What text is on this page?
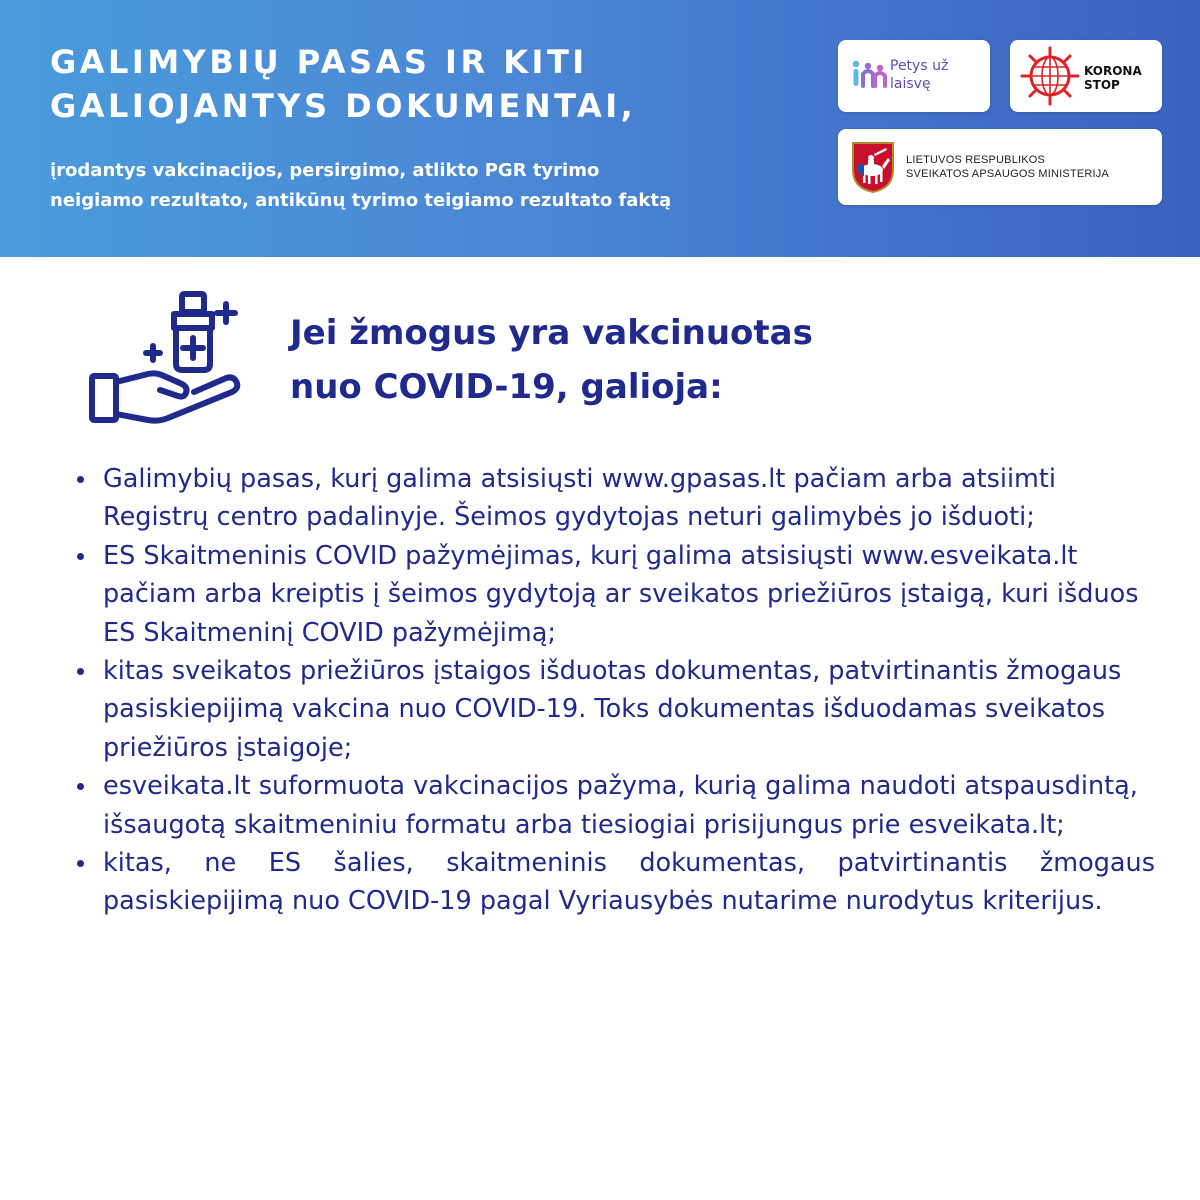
GALIMYBIŲ PASAS IR KITI
GALIOJANTYS DOKUMENTAI,
įrodantys vakcinacijos, persirgimo, atlikto PGR tyrimo
neigiamo rezultato, antikūnų tyrimo teigiamo rezultato faktą
Petys už
laisvę
KORONA
STOP
LIETUVOS RESPUBLIKOS
SVEIKATOS APSAUGOS MINISTERIJA
Jei žmogus yra vakcinuotas
nuo COVID-19, galioja:
Galimybių pasas, kurį galima atsisiųsti www.gpasas.lt pačiam arba atsiimti Registrų centro padalinyje. Šeimos gydytojas neturi galimybės jo išduoti;
ES Skaitmeninis COVID pažymėjimas, kurį galima atsisiųsti www.esveikata.lt pačiam arba kreiptis į šeimos gydytoją ar sveikatos priežiūros įstaigą, kuri išduos ES Skaitmeninį COVID pažymėjimą;
kitas sveikatos priežiūros įstaigos išduotas dokumentas, patvirtinantis žmogaus pasiskiepijimą vakcina nuo COVID-19. Toks dokumentas išduodamas sveikatos priežiūros įstaigoje;
esveikata.lt suformuota vakcinacijos pažyma, kurią galima naudoti atspausdintą, išsaugotą skaitmeniniu formatu arba tiesiogiai prisijungus prie esveikata.lt;
kitas, ne ES šalies, skaitmeninis dokumentas, patvirtinantis žmogaus pasiskiepijimą nuo COVID-19 pagal Vyriausybės nutarime nurodytus kriterijus.
